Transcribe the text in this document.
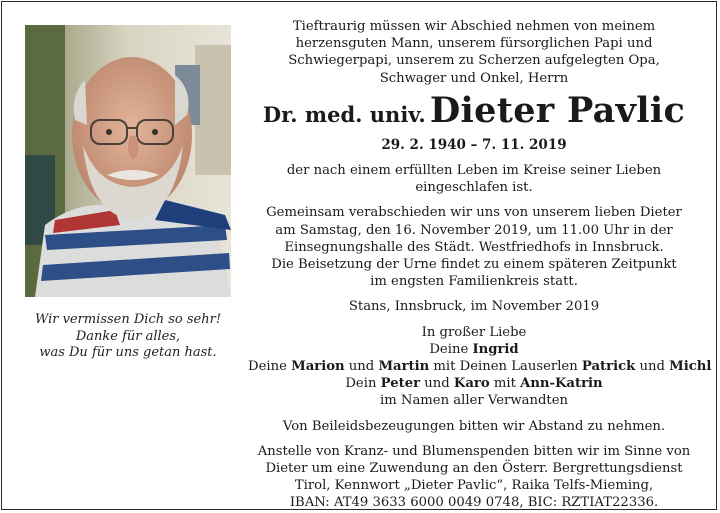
Wir vermissen Dich so sehr!
Danke für alles,
was Du für uns getan hast.
Tieftraurig müssen wir Abschied nehmen von meinem
herzensguten Mann, unserem fürsorglichen Papi und
Schwiegerpapi, unserem zu Scherzen aufgelegten Opa,
Schwager und Onkel, Herrn
Dr. med. univ. Dieter Pavlic
29. 2. 1940 – 7. 11. 2019
der nach einem erfüllten Leben im Kreise seiner Lieben
eingeschlafen ist.
Gemeinsam verabschieden wir uns von unserem lieben Dieter
am Samstag, den 16. November 2019, um 11.00 Uhr in der
Einsegnungshalle des Städt. Westfriedhofs in Innsbruck.
Die Beisetzung der Urne findet zu einem späteren Zeitpunkt
im engsten Familienkreis statt.
Stans, Innsbruck, im November 2019
In großer Liebe
Deine Ingrid
Deine Marion und Martin mit Deinen Lauserlen Patrick und Michl
Dein Peter und Karo mit Ann-Katrin
im Namen aller Verwandten
Von Beileidsbezeugungen bitten wir Abstand zu nehmen.
Anstelle von Kranz- und Blumenspenden bitten wir im Sinne von
Dieter um eine Zuwendung an den Österr. Bergrettungsdienst
Tirol, Kennwort „Dieter Pavlic“, Raika Telfs-Mieming,
IBAN: AT49 3633 6000 0049 0748, BIC: RZTIAT22336.
